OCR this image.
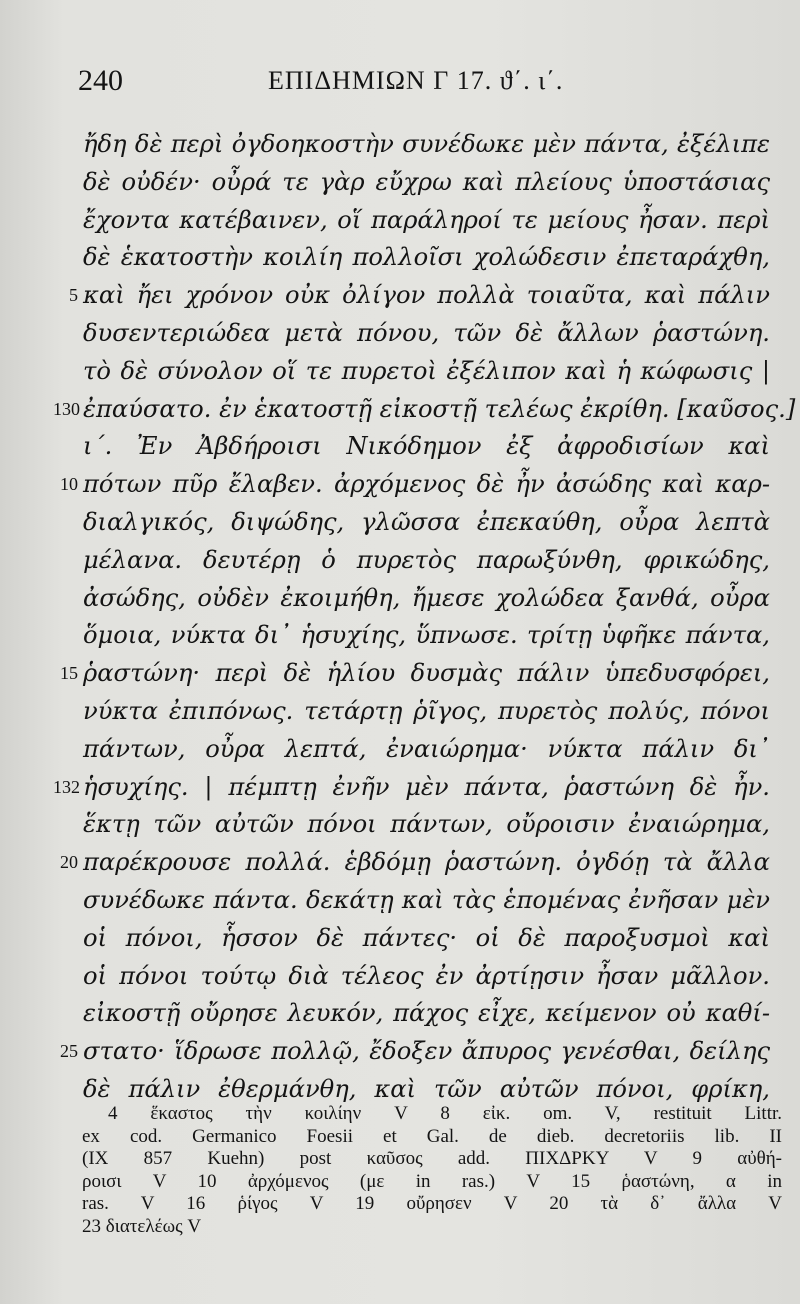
240	ΕΠΙΔΗΜΙΩΝ Γ 17. ϑ΄. ι΄.
ἤδη δὲ περὶ ὀγδοηκοστὴν συνέδωκε μὲν πάντα, ἐξέλιπε
δὲ οὐδέν· οὖρά τε γὰρ εὔχρω καὶ πλείους ὑποστάσιας
ἔχοντα κατέβαινεν, οἵ παράληροί τε μείους ἦσαν. περὶ
δὲ ἑκατοστὴν κοιλίη πολλοῖσι χολώδεσιν ἐπεταράχθη,
5 καὶ ἤει χρόνον οὐκ ὀλίγον πολλὰ τοιαῦτα, καὶ πάλιν
δυσεντεριώδεα μετὰ πόνου, τῶν δὲ ἄλλων ῥαστώνη.
τὸ δὲ σύνολον οἵ τε πυρετοὶ ἐξέλιπον καὶ ἡ κώφωσις |
130 ἐπαύσατο. ἐν ἑκατοστῇ εἰκοστῇ τελέως ἐκρίθη. [καῦσος.]
ι΄. Ἐν Ἀβδήροισι Νικόδημον ἐξ ἀφροδισίων καὶ
10 πότων πῦρ ἔλαβεν. ἀρχόμενος δὲ ἦν ἀσώδης καὶ καρ-
διαλγικός, διψώδης, γλῶσσα ἐπεκαύθη, οὖρα λεπτὰ
μέλανα. δευτέρῃ ὁ πυρετὸς παρωξύνθη, φρικώδης,
ἀσώδης, οὐδὲν ἐκοιμήθη, ἤμεσε χολώδεα ξανθά, οὖρα
ὅμοια, νύκτα δι᾽ ἡσυχίης, ὕπνωσε. τρίτῃ ὑφῆκε πάντα,
15 ῥαστώνη· περὶ δὲ ἡλίου δυσμὰς πάλιν ὑπεδυσφόρει,
νύκτα ἐπιπόνως. τετάρτῃ ῥῖγος, πυρετὸς πολύς, πόνοι
πάντων, οὖρα λεπτά, ἐναιώρημα· νύκτα πάλιν δι᾽
132 ἡσυχίης. | πέμπτῃ ἐνῆν μὲν πάντα, ῥαστώνη δὲ ἦν.
ἕκτῃ τῶν αὐτῶν πόνοι πάντων, οὔροισιν ἐναιώρημα,
20 παρέκρουσε πολλά. ἑβδόμῃ ῥαστώνη. ὀγδόῃ τὰ ἄλλα
συνέδωκε πάντα. δεκάτῃ καὶ τὰς ἑπομένας ἐνῆσαν μὲν
οἱ πόνοι, ἧσσον δὲ πάντες· οἱ δὲ παροξυσμοὶ καὶ
οἱ πόνοι τούτῳ διὰ τέλεος ἐν ἀρτίῃσιν ἦσαν μᾶλλον.
εἰκοστῇ οὔρησε λευκόν, πάχος εἶχε, κείμενον οὐ καθί-
25 στατο· ἵδρωσε πολλῷ, ἔδοξεν ἄπυρος γενέσθαι, δείλης
δὲ πάλιν ἐθερμάνθη, καὶ τῶν αὐτῶν πόνοι, φρίκη,
4 ἕκαστος τὴν κοιλίην V 8 εἰκ. om. V, restituit Littr.
ex cod. Germanico Foesii et Gal. de dieb. decretoriis lib. II
(IX 857 Kuehn) post καῦσος add. ΠΙΧΔΡΚΥ V 9 αὐθή-
ροισι V 10 ἀρχόμενος (με in ras.) V 15 ῥαστώνη, α in
ras. V 16 ῥίγος V 19 οὔρησεν V 20 τὰ δ᾽ ἄλλα V
23 διατελέως V
